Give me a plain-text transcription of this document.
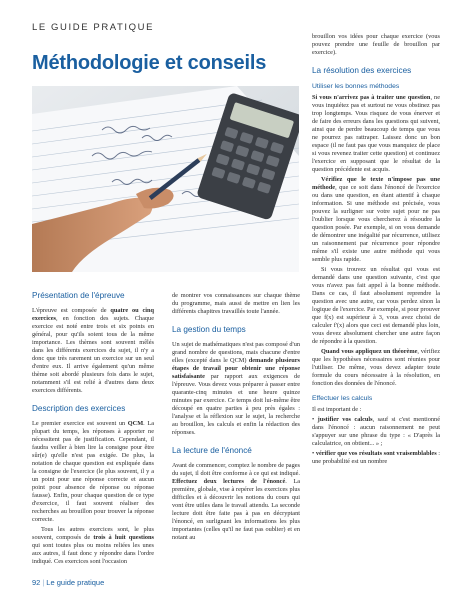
LE GUIDE PRATIQUE
Méthodologie et conseils
Présentation de l'épreuve

L'épreuve est composée de quatre ou cinq exercices, en fonction des sujets. Chaque exercice est noté entre trois et six points en général, pour qu'ils soient tous de la même importance. Les thèmes sont souvent mêlés dans les différents exercices du sujet, il n'y a donc que très rarement un exercice sur un seul d'entre eux. Il arrive également qu'un même thème soit abordé plusieurs fois dans le sujet, notamment s'il est relié à d'autres dans deux exercices différents.

Description des exercices

Le premier exercice est souvent un QCM. La plupart du temps, les réponses à apporter ne nécessitent pas de justification. Cependant, il faudra veiller à bien lire la consigne pour être sûr(e) qu'elle n'est pas exigée. De plus, la notation de chaque question est expliquée dans la consigne de l'exercice (le plus souvent, il y a un point pour une réponse correcte et aucun point pour absence de réponse ou réponse fausse). Enfin, pour chaque question de ce type d'exercice, il faut souvent réaliser des recherches au brouillon pour trouver la réponse correcte.

Tous les autres exercices sont, le plus souvent, composés de trois à huit questions qui sont toutes plus ou moins reliées les unes aux autres, il faut donc y répondre dans l'ordre indiqué. Ces exercices sont l'occasion

de montrer vos connaissances sur chaque thème du programme, mais aussi de mettre en lien les différents chapitres travaillés toute l'année.

La gestion du temps

Un sujet de mathématiques n'est pas composé d'un grand nombre de questions, mais chacune d'entre elles (excepté dans le QCM) demande plusieurs étapes de travail pour obtenir une réponse satisfaisante par rapport aux exigences de l'épreuve. Vous devez vous préparer à passer entre quarante-cinq minutes et une heure quinze minutes par exercice. Ce temps doit lui-même être découpé en quatre parties à peu près égales : l'analyse et la réflexion sur le sujet, la recherche au brouillon, les calculs et enfin la rédaction des réponses.

La lecture de l'énoncé

Avant de commencer, comptez le nombre de pages du sujet, il doit être conforme à ce qui est indiqué. Effectuez deux lectures de l'énoncé. La première, globale, vise à repérer les exercices plus difficiles et à découvrir les notions du cours qui vont être utiles dans le travail attendu. La seconde lecture doit être faite pas à pas en décryptant l'énoncé, en surlignant les informations les plus importantes (celles qu'il ne faut pas oublier) et en notant au

brouillon vos idées pour chaque exercice (vous pouvez prendre une feuille de brouillon par exercice).

La résolution des exercices
Utiliser les bonnes méthodes

Si vous n'arrivez pas à traiter une question, ne vous inquiétez pas et surtout ne vous obstinez pas trop longtemps. Vous risquez de vous énerver et de faire des erreurs dans les questions qui suivent, ainsi que de perdre beaucoup de temps que vous ne pourrez pas rattraper. Laissez donc un bon espace (il ne faut pas que vous manquiez de place si vous revenez traiter cette question) et continuez l'exercice en supposant que le résultat de la question précédente est acquis.

Vérifiez que le texte n'impose pas une méthode, que ce soit dans l'énoncé de l'exercice ou dans une question, en étant attentif à chaque information. Si une méthode est précisée, vous pouvez la surligner sur votre sujet pour ne pas l'oublier lorsque vous chercherez à résoudre la question posée. Par exemple, si on vous demande de démontrer une inégalité par récurrence, utilisez un raisonnement par récurrence pour répondre même s'il existe une autre méthode qui vous semble plus rapide.

Si vous trouvez un résultat qui vous est demandé dans une question suivante, c'est que vous n'avez pas fait appel à la bonne méthode. Dans ce cas, il faut absolument reprendre la question avec une autre, car vous perdez sinon la logique de l'exercice. Par exemple, si pour prouver que f(x) est supérieur à 3, vous avez choisi de calculer f'(x) alors que ceci est demandé plus loin, vous devez absolument chercher une autre façon de répondre à la question.

Quand vous appliquez un théorème, vérifiez que les hypothèses nécessaires sont réunies pour l'utiliser. De même, vous devez adapter toute formule du cours nécessaire à la résolution, en fonction des données de l'énoncé.

Effectuer les calculs

Il est important de :

• justifier vos calculs, sauf si c'est mentionné dans l'énoncé : aucun raisonnement ne peut s'appuyer sur une phrase du type : « D'après la calculatrice, on obtient... » ;

• vérifier que vos résultats sont vraisemblables : une probabilité est un nombre

92 | Le guide pratique
